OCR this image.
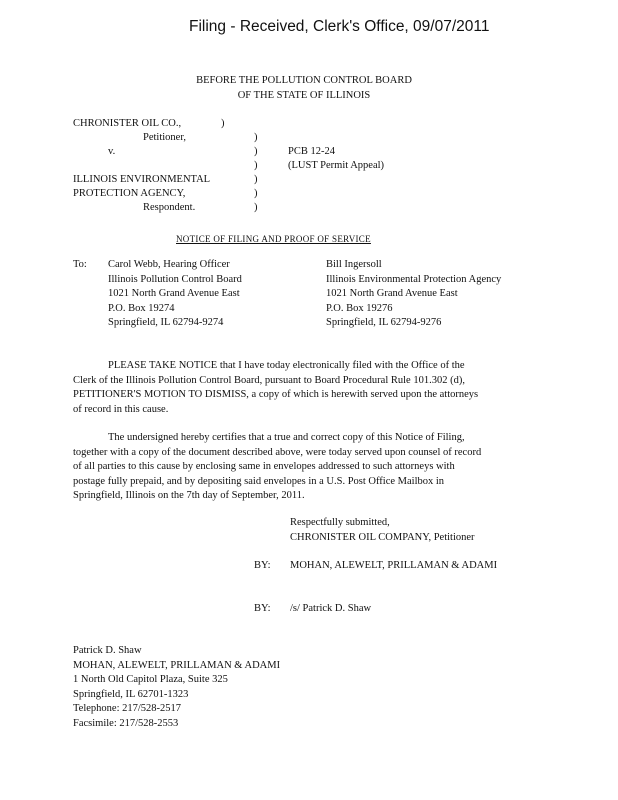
Filing - Received, Clerk's Office, 09/07/2011
BEFORE THE POLLUTION CONTROL BOARD
OF THE STATE OF ILLINOIS
CHRONISTER OIL CO.,	)
Petitioner,	)
v.	)	PCB 12-24
)	(LUST Permit Appeal)
ILLINOIS ENVIRONMENTAL	)
PROTECTION AGENCY,	)
Respondent.	)
NOTICE OF FILING AND PROOF OF SERVICE
To: Carol Webb, Hearing Officer
Illinois Pollution Control Board
1021 North Grand Avenue East
P.O. Box 19274
Springfield, IL 62794-9274
Bill Ingersoll
Illinois Environmental Protection Agency
1021 North Grand Avenue East
P.O. Box 19276
Springfield, IL 62794-9276
PLEASE TAKE NOTICE that I have today electronically filed with the Office of the
Clerk of the Illinois Pollution Control Board, pursuant to Board Procedural Rule 101.302 (d),
PETITIONER'S MOTION TO DISMISS, a copy of which is herewith served upon the attorneys
of record in this cause.
The undersigned hereby certifies that a true and correct copy of this Notice of Filing,
together with a copy of the document described above, were today served upon counsel of record
of all parties to this cause by enclosing same in envelopes addressed to such attorneys with
postage fully prepaid, and by depositing said envelopes in a U.S. Post Office Mailbox in
Springfield, Illinois on the 7th day of September, 2011.
Respectfully submitted,
CHRONISTER OIL COMPANY, Petitioner
BY: MOHAN, ALEWELT, PRILLAMAN & ADAMI
BY: /s/ Patrick D. Shaw
Patrick D. Shaw
MOHAN, ALEWELT, PRILLAMAN & ADAMI
1 North Old Capitol Plaza, Suite 325
Springfield, IL 62701-1323
Telephone: 217/528-2517
Facsimile: 217/528-2553
